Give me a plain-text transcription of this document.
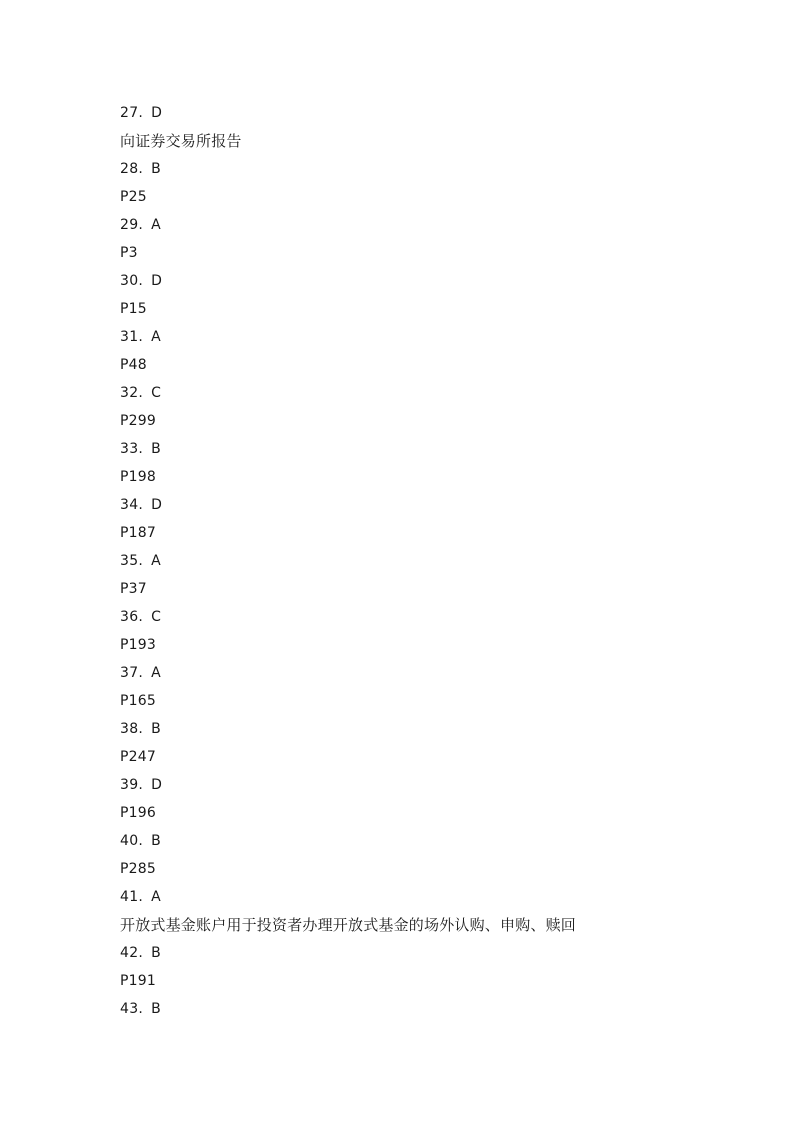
27. D
向证券交易所报告
28. B
P25
29. A
P3
30. D
P15
31. A
P48
32. C
P299
33. B
P198
34. D
P187
35. A
P37
36. C
P193
37. A
P165
38. B
P247
39. D
P196
40. B
P285
41. A
开放式基金账户用于投资者办理开放式基金的场外认购、申购、赎回
42. B
P191
43. B
